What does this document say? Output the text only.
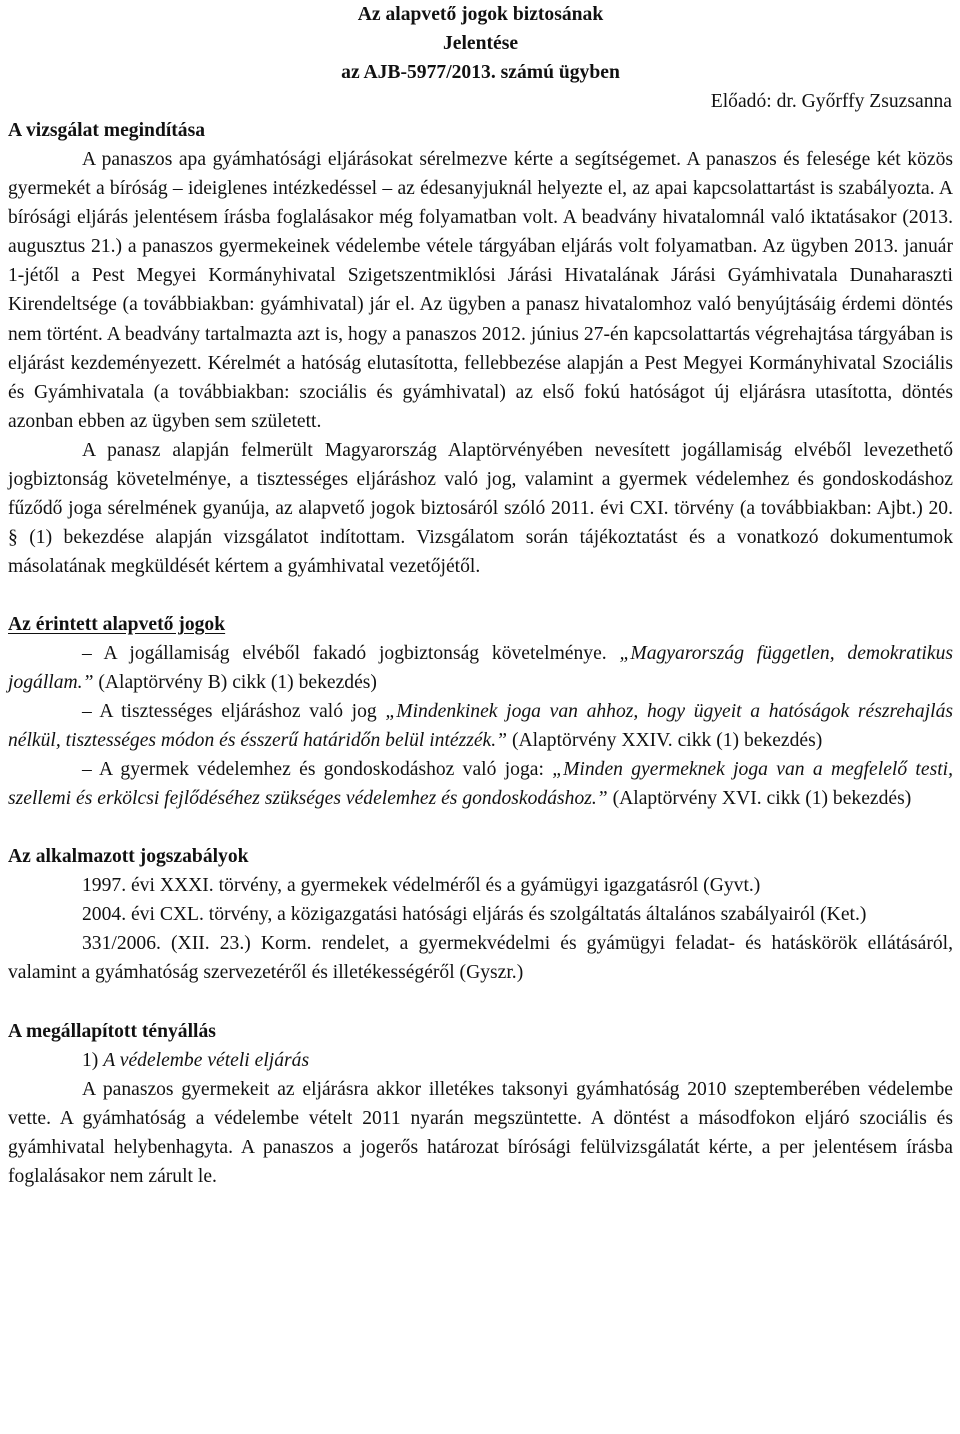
Az alapvető jogok biztosának
Jelentése
az AJB-5977/2013. számú ügyben
Előadó: dr. Győrffy Zsuzsanna
A vizsgálat megindítása
A panaszos apa gyámhatósági eljárásokat sérelmezve kérte a segítségemet. A panaszos és felesége két közös gyermekét a bíróság – ideiglenes intézkedéssel – az édesanyjuknál helyezte el, az apai kapcsolattartást is szabályozta. A bírósági eljárás jelentésem írásba foglalásakor még folyamatban volt. A beadvány hivatalomnál való iktatásakor (2013. augusztus 21.) a panaszos gyermekeinek védelembe vétele tárgyában eljárás volt folyamatban. Az ügyben 2013. január 1-jétől a Pest Megyei Kormányhivatal Szigetszentmiklósi Járási Hivatalának Járási Gyámhivatala Dunaharaszti Kirendeltsége (a továbbiakban: gyámhivatal) jár el. Az ügyben a panasz hivatalomhoz való benyújtásáig érdemi döntés nem történt. A beadvány tartalmazta azt is, hogy a panaszos 2012. június 27-én kapcsolattartás végrehajtása tárgyában is eljárást kezdeményezett. Kérelmét a hatóság elutasította, fellebbezése alapján a Pest Megyei Kormányhivatal Szociális és Gyámhivatala (a továbbiakban: szociális és gyámhivatal) az első fokú hatóságot új eljárásra utasította, döntés azonban ebben az ügyben sem született.
A panasz alapján felmerült Magyarország Alaptörvényében nevesített jogállamiság elvéből levezethető jogbiztonság követelménye, a tisztességes eljáráshoz való jog, valamint a gyermek védelemhez és gondoskodáshoz fűződő joga sérelmének gyanúja, az alapvető jogok biztosáról szóló 2011. évi CXI. törvény (a továbbiakban: Ajbt.) 20. § (1) bekezdése alapján vizsgálatot indítottam. Vizsgálatom során tájékoztatást és a vonatkozó dokumentumok másolatának megküldését kértem a gyámhivatal vezetőjétől.
Az érintett alapvető jogok
– A jogállamiság elvéből fakadó jogbiztonság követelménye. „Magyarország független, demokratikus jogállam.” (Alaptörvény B) cikk (1) bekezdés)
– A tisztességes eljáráshoz való jog „Mindenkinek joga van ahhoz, hogy ügyeit a hatóságok részrehajlás nélkül, tisztességes módon és ésszerű határidőn belül intézzék.” (Alaptörvény XXIV. cikk (1) bekezdés)
– A gyermek védelemhez és gondoskodáshoz való joga: „Minden gyermeknek joga van a megfelelő testi, szellemi és erkölcsi fejlődéséhez szükséges védelemhez és gondoskodáshoz.” (Alaptörvény XVI. cikk (1) bekezdés)
Az alkalmazott jogszabályok
1997. évi XXXI. törvény, a gyermekek védelméről és a gyámügyi igazgatásról (Gyvt.)
2004. évi CXL. törvény, a közigazgatási hatósági eljárás és szolgáltatás általános szabályairól (Ket.)
331/2006. (XII. 23.) Korm. rendelet, a gyermekvédelmi és gyámügyi feladat- és hatáskörök ellátásáról, valamint a gyámhatóság szervezetéről és illetékességéről (Gyszr.)
A megállapított tényállás
1) A védelembe vételi eljárás
A panaszos gyermekeit az eljárásra akkor illetékes taksonyi gyámhatóság 2010 szeptemberében védelembe vette. A gyámhatóság a védelembe vételt 2011 nyarán megszüntette. A döntést a másodfokon eljáró szociális és gyámhivatal helybenhagyta. A panaszos a jogerős határozat bírósági felülvizsgálatát kérte, a per jelentésem írásba foglalásakor nem zárult le.
